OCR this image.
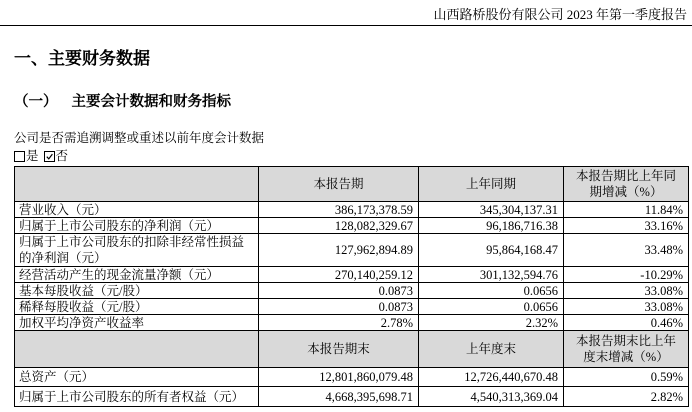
山西路桥股份有限公司 2023 年第一季度报告
一、主要财务数据
（一） 主要会计数据和财务指标
公司是否需追溯调整或重述以前年度会计数据
是 否
	本报告期	上年同期	本报告期比上年同
期增减（%）

营业收入（元）	386,173,378.59	345,304,137.31	11.84%
归属于上市公司股东的净利润（元）	128,082,329.67	96,186,716.38	33.16%

归属于上市公司股东的扣除非经常性损益
的净利润（元）	127,962,894.89	95,864,168.47	33.48%
经营活动产生的现金流量净额（元）	270,140,259.12	301,132,594.76	-10.29%
基本每股收益（元/股）	0.0873	0.0656	33.08%
稀释每股收益（元/股）	0.0873	0.0656	33.08%
加权平均净资产收益率	2.78%	2.32%	0.46%
	本报告期末	上年度末	本报告期末比上年
度末增减（%）

总资产（元）	12,801,860,079.48	12,726,440,670.48	0.59%
归属于上市公司股东的所有者权益（元）	4,668,395,698.71	4,540,313,369.04	2.82%
